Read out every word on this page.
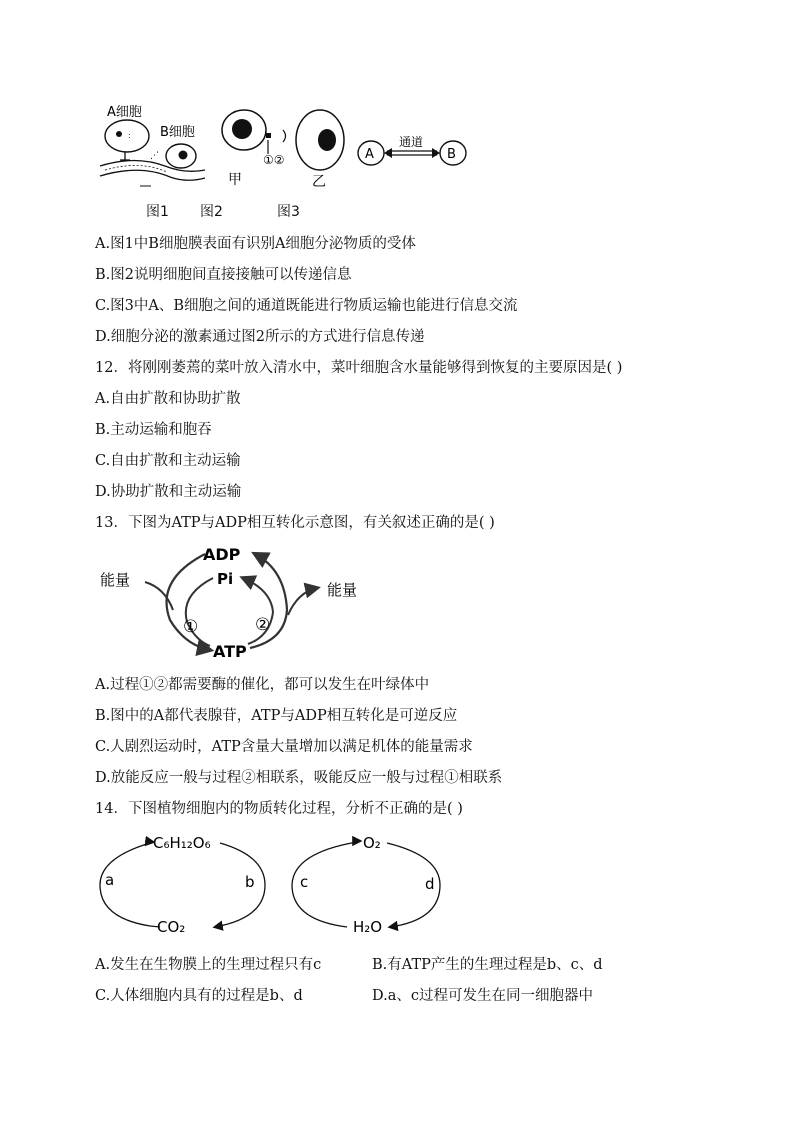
:
A细胞
B细胞
⋰	①②
甲	乙
A	B
通道
图1 图2	图3
A.图1中B细胞膜表面有识别A细胞分泌物质的受体
B.图2说明细胞间直接接触可以传递信息
C.图3中A、B细胞之间的通道既能进行物质运输也能进行信息交流
D.细胞分泌的激素通过图2所示的方式进行信息传递
12．将刚刚萎蔫的菜叶放入清水中，菜叶细胞含水量能够得到恢复的主要原因是( )
A.自由扩散和协助扩散
B.主动运输和胞吞
C.自由扩散和主动运输
D.协助扩散和主动运输
13．下图为ATP与ADP相互转化示意图，有关叙述正确的是( )
ADP
Pi
ATP
能量
能量
①	②
A.过程①②都需要酶的催化，都可以发生在叶绿体中
B.图中的A都代表腺苷，ATP与ADP相互转化是可逆反应
C.人剧烈运动时，ATP含量大量增加以满足机体的能量需求
D.放能反应一般与过程②相联系，吸能反应一般与过程①相联系
14．下图植物细胞内的物质转化过程，分析不正确的是( )
C₆H₁₂O₆
CO₂
a	b
O₂
H₂O
c	d
A.发生在生物膜上的生理过程只有c	B.有ATP产生的生理过程是b、c、d
C.人体细胞内具有的过程是b、d	D.a、c过程可发生在同一细胞器中
